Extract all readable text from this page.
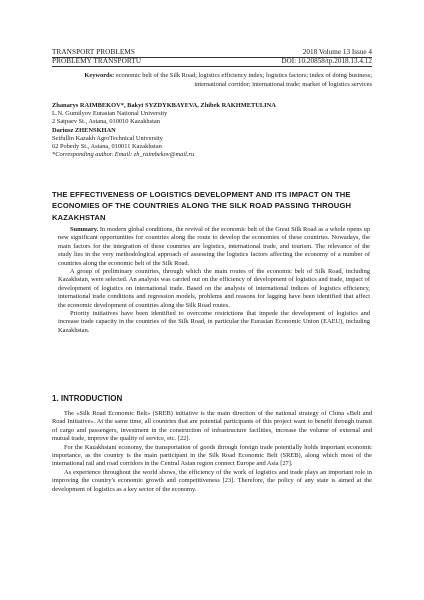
TRANSPORT PROBLEMS	2018 Volume 13 Issue 4
PROBLEMY TRANSPORTU	DOI: 10.20858/tp.2018.13.4.12
Keywords: economic belt of the Silk Road; logistics efficiency index; logistics factors; index of doing business; international corridor; international trade; market of logistics services
Zhanarys RAIMBEKOV*, Bakyt SYZDYKBAYEVA, Zhibek RAKHMETULINA
L.N. Gumilyov Eurasian National University
2 Satpaev St., Astana, 010010 Kazakhstan
Dariusz ZHENSKHAN
Seifullin Kazakh AgroTechnical University
62 Pobedy St., Astana, 010011 Kazakhstan
*Corresponding author. Email: zh_raimbekov@mail.ru
THE EFFECTIVENESS OF LOGISTICS DEVELOPMENT AND ITS IMPACT ON THE ECONOMIES OF THE COUNTRIES ALONG THE SILK ROAD PASSING THROUGH KAZAKHSTAN

Summary. In modern global conditions, the revival of the economic belt of the Great Silk Road as a whole opens up new significant opportunities for countries along the route to develop the economies of these countries. Nowadays, the main factors for the integration of these countries are logistics, international trade, and tourism. The relevance of the study lies in the very methodological approach of assessing the logistics factors affecting the economy of a number of countries along the economic belt of the Silk Road.

A group of preliminary countries, through which the main routes of the economic belt of Silk Road, including Kazakhstan, were selected. An analysis was carried out on the efficiency of development of logistics and trade, impact of development of logistics on international trade. Based on the analysis of international indices of logistics efficiency, international trade conditions and regression models, problems and reasons for lagging have been identified that affect the economic development of countries along the Silk Road routes.

Priority initiatives have been identified to overcome restrictions that impede the development of logistics and increase trade capacity in the countries of the Silk Road, in particular the Eurasian Economic Union (EAEU), including Kazakhstan.

1. INTRODUCTION

The «Silk Road Economic Belt» (SREB) initiative is the main direction of the national strategy of China «Belt and Road Initiative». At the same time, all countries that are potential participants of this project want to benefit through transit of cargo and passengers, investment in the construction of infrastructure facilities, increase the volume of external and mutual trade, improve the quality of service, etc. [22].

For the Kazakhstani economy, the transportation of goods through foreign trade potentially holds important economic importance, as the country is the main participant in the Silk Road Economic Belt (SREB), along which most of the international rail and road corridors in the Central Asian region connect Europe and Asia [27].

As experience throughout the world shows, the efficiency of the work of logistics and trade plays an important role in improving the country's economic growth and competitiveness [23]. Therefore, the policy of any state is aimed at the development of logistics as a key sector of the economy.
